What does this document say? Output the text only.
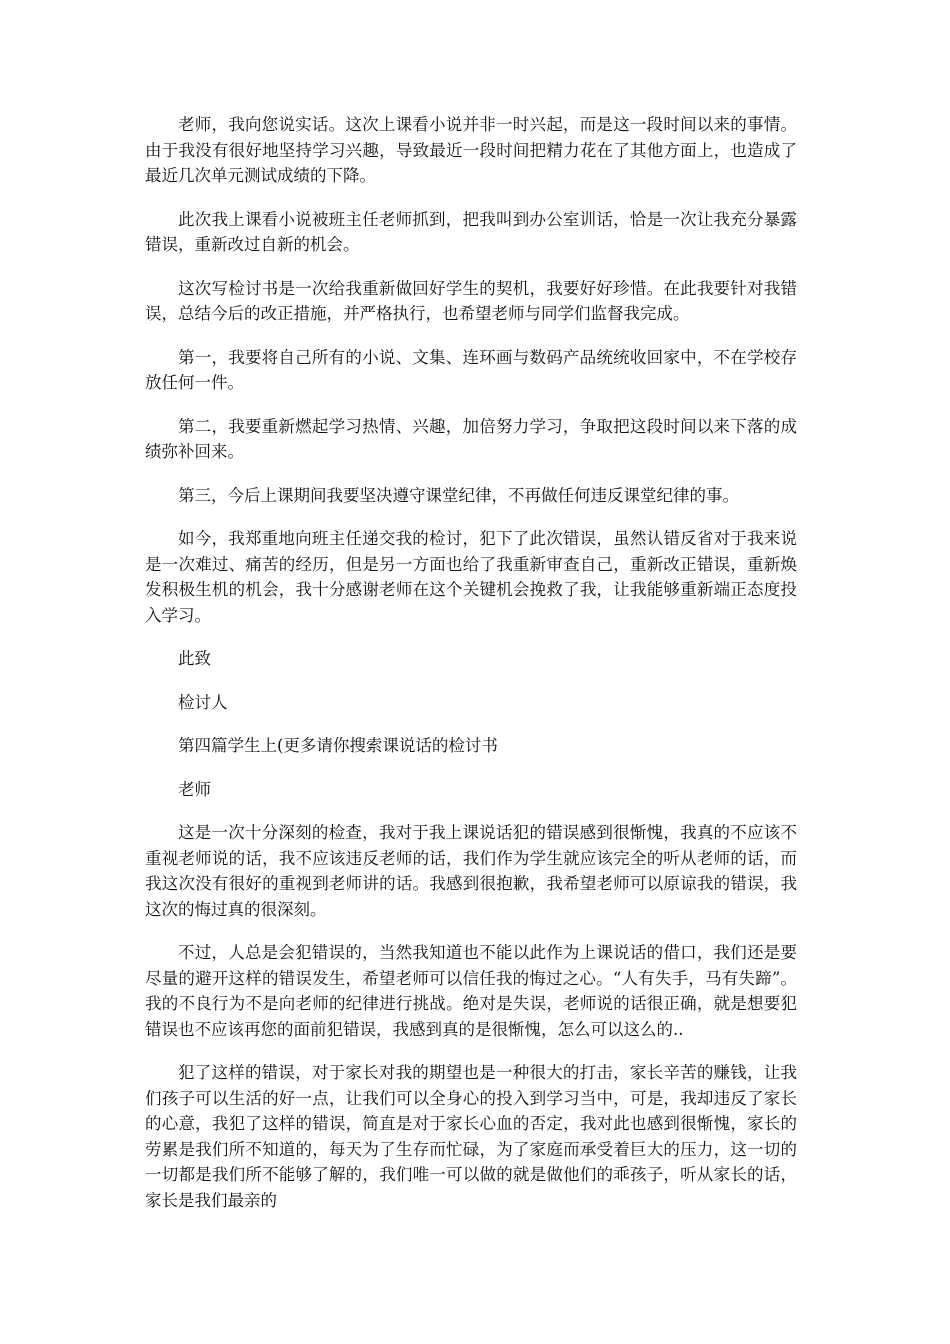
老师，我向您说实话。这次上课看小说并非一时兴起，而是这一段时间以来的事情。由于我没有很好地坚持学习兴趣，导致最近一段时间把精力花在了其他方面上，也造成了最近几次单元测试成绩的下降。

此次我上课看小说被班主任老师抓到，把我叫到办公室训话，恰是一次让我充分暴露错误，重新改过自新的机会。

这次写检讨书是一次给我重新做回好学生的契机，我要好好珍惜。在此我要针对我错误，总结今后的改正措施，并严格执行，也希望老师与同学们监督我完成。

第一，我要将自己所有的小说、文集、连环画与数码产品统统收回家中，不在学校存放任何一件。

第二，我要重新燃起学习热情、兴趣，加倍努力学习，争取把这段时间以来下落的成绩弥补回来。

第三，今后上课期间我要坚决遵守课堂纪律，不再做任何违反课堂纪律的事。

如今，我郑重地向班主任递交我的检讨，犯下了此次错误，虽然认错反省对于我来说是一次难过、痛苦的经历，但是另一方面也给了我重新审查自己，重新改正错误，重新焕发积极生机的机会，我十分感谢老师在这个关键机会挽救了我，让我能够重新端正态度投入学习。

此致

检讨人

第四篇学生上(更多请你搜索课说话的检讨书

老师

这是一次十分深刻的检查，我对于我上课说话犯的错误感到很惭愧，我真的不应该不重视老师说的话，我不应该违反老师的话，我们作为学生就应该完全的听从老师的话，而我这次没有很好的重视到老师讲的话。我感到很抱歉，我希望老师可以原谅我的错误，我这次的悔过真的很深刻。

不过，人总是会犯错误的，当然我知道也不能以此作为上课说话的借口，我们还是要尽量的避开这样的错误发生，希望老师可以信任我的悔过之心。“人有失手，马有失蹄”。我的不良行为不是向老师的纪律进行挑战。绝对是失误，老师说的话很正确，就是想要犯错误也不应该再您的面前犯错误，我感到真的是很惭愧，怎么可以这么的..

犯了这样的错误，对于家长对我的期望也是一种很大的打击，家长辛苦的赚钱，让我们孩子可以生活的好一点，让我们可以全身心的投入到学习当中，可是，我却违反了家长的心意，我犯了这样的错误，简直是对于家长心血的否定，我对此也感到很惭愧，家长的劳累是我们所不知道的，每天为了生存而忙碌，为了家庭而承受着巨大的压力，这一切的一切都是我们所不能够了解的，我们唯一可以做的就是做他们的乖孩子，听从家长的话，家长是我们最亲的
